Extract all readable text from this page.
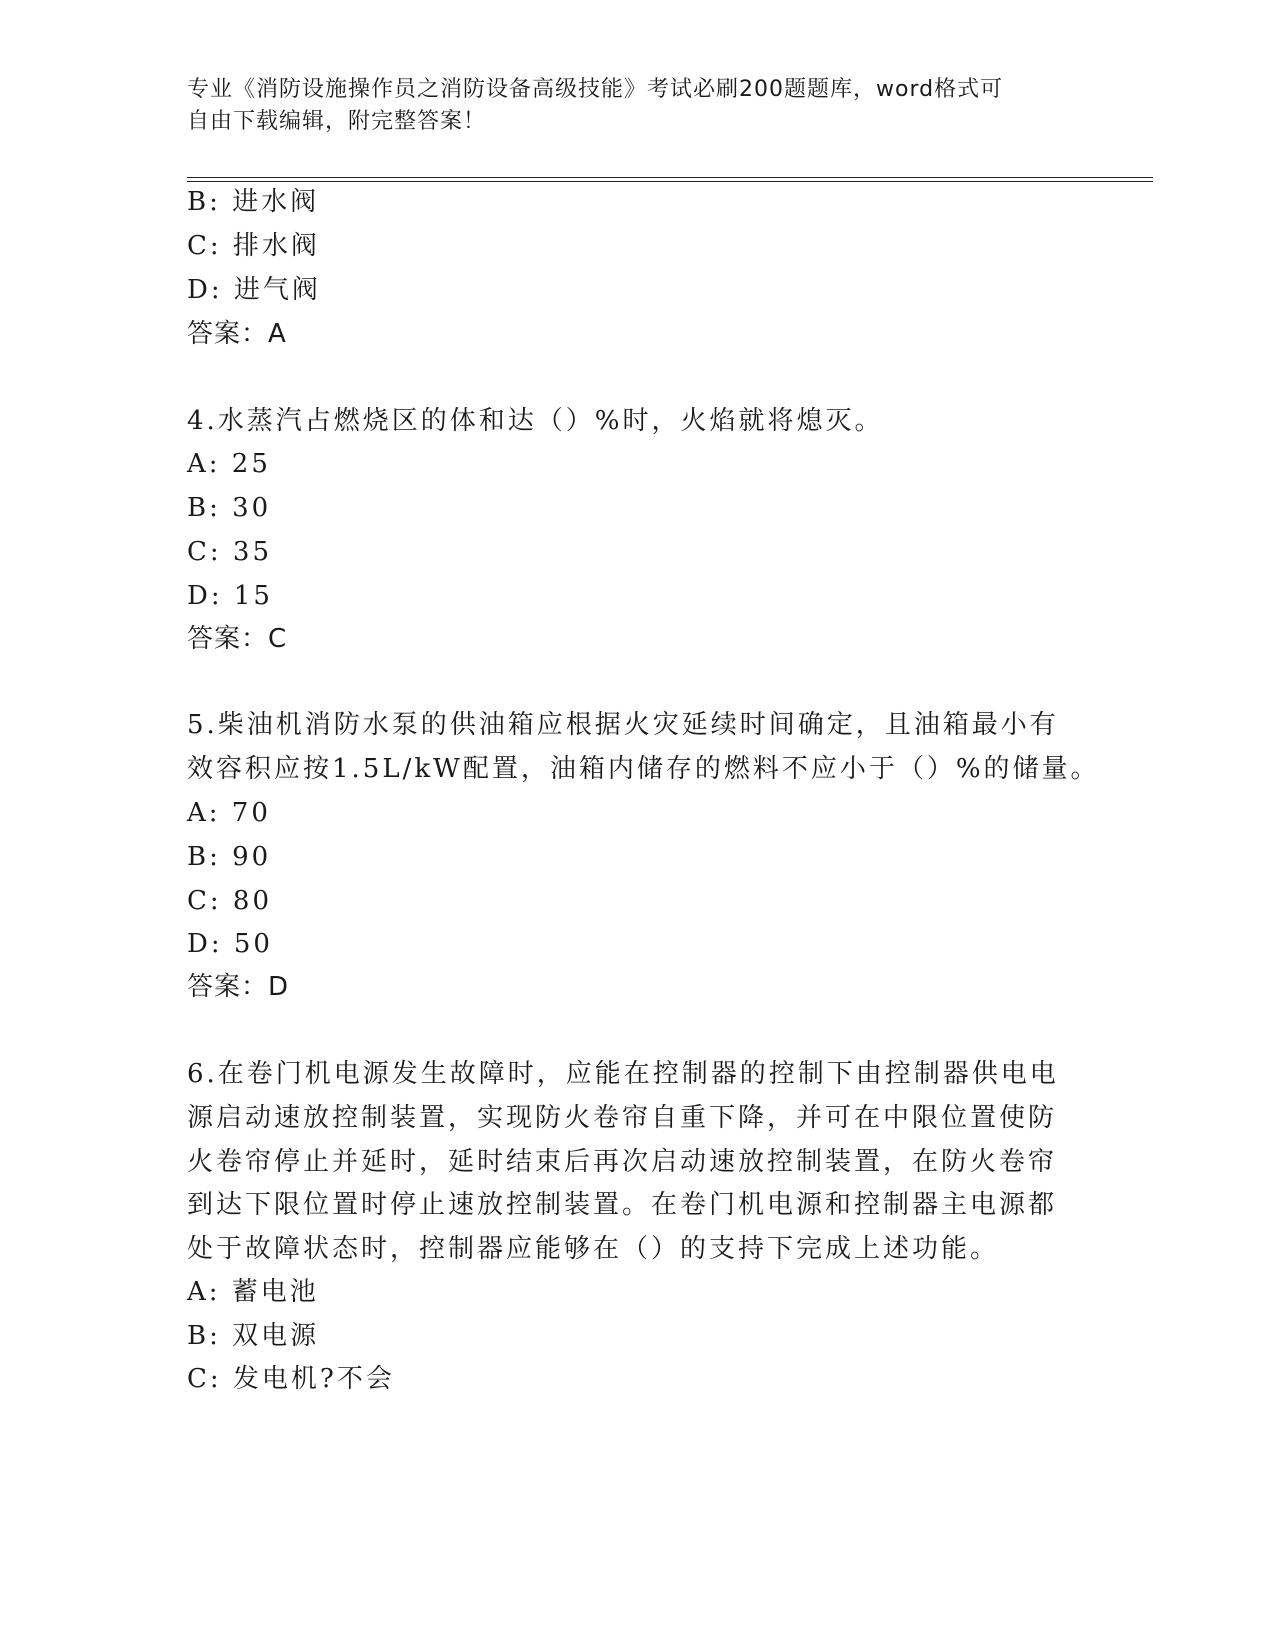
专业《消防设施操作员之消防设备高级技能》考试必刷200题题库，word格式可
自由下载编辑，附完整答案！
B: 进水阀
C: 排水阀
D: 进气阀
答案：A
4.水蒸汽占燃烧区的体和达（）%时，火焰就将熄灭。
A: 25
B: 30
C: 35
D: 15
答案：C
5.柴油机消防水泵的供油箱应根据火灾延续时间确定，且油箱最小有
效容积应按1.5L/kW配置，油箱内储存的燃料不应小于（）%的储量。
A: 70
B: 90
C: 80
D: 50
答案：D
6.在卷门机电源发生故障时，应能在控制器的控制下由控制器供电电
源启动速放控制装置，实现防火卷帘自重下降，并可在中限位置使防
火卷帘停止并延时，延时结束后再次启动速放控制装置，在防火卷帘
到达下限位置时停止速放控制装置。在卷门机电源和控制器主电源都
处于故障状态时，控制器应能够在（）的支持下完成上述功能。
A: 蓄电池
B: 双电源
C: 发电机?不会
